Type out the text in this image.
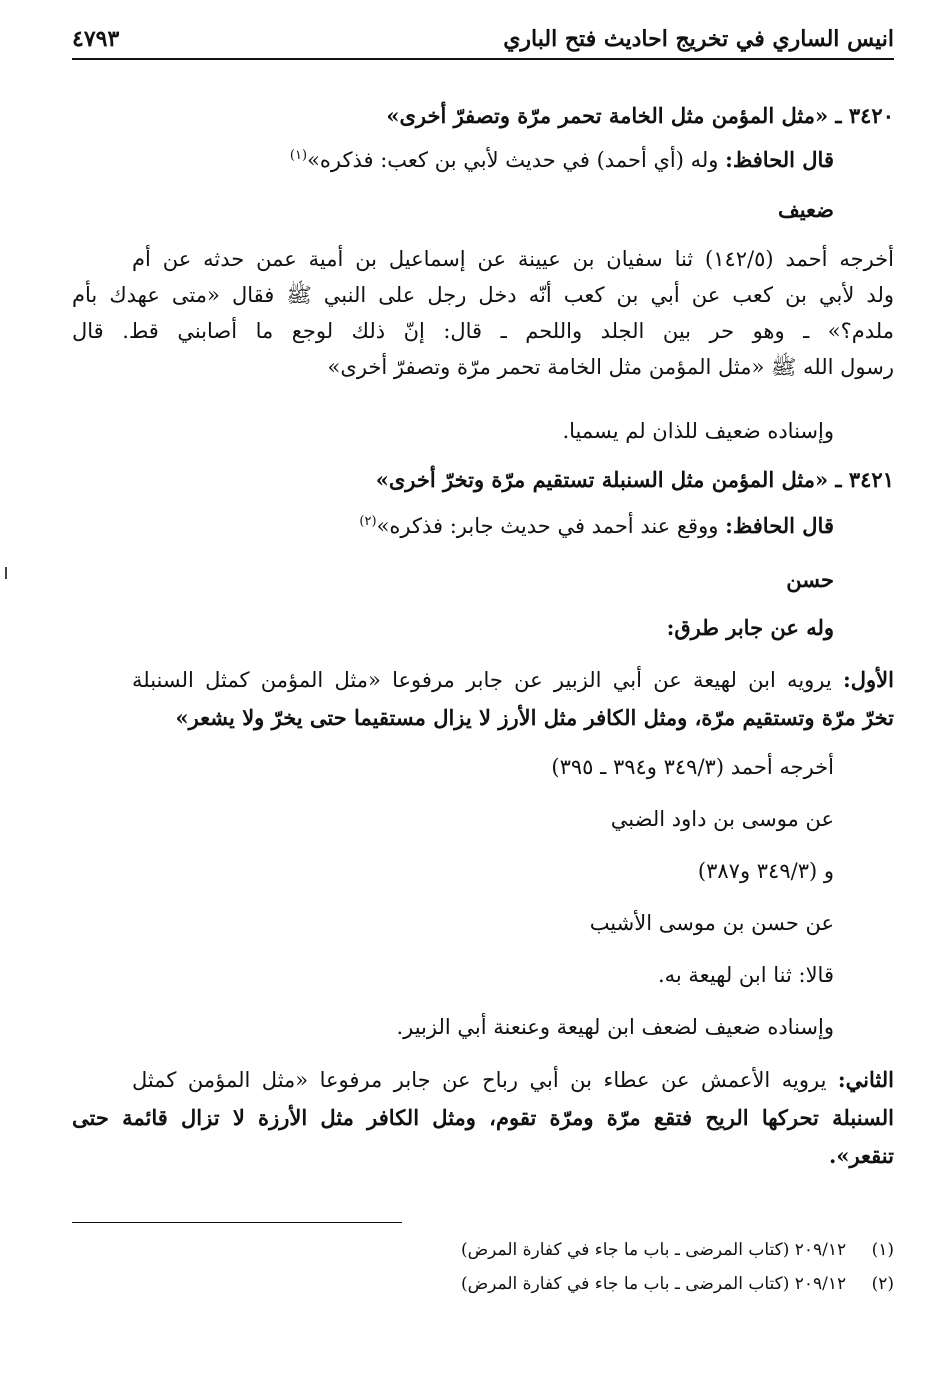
انيس الساري في تخريج احاديث فتح الباري
٤٧٩٣
٣٤٢٠ ـ «مثل المؤمن مثل الخامة تحمر مرّة وتصفرّ أخرى»
قال الحافظ: وله (أي أحمد) في حديث لأبي بن كعب: فذكره»$^{(١)}$
ضعيف
أخرجه أحمد (١٤٢/٥) ثنا سفيان بن عيينة عن إسماعيل بن أمية عمن حدثه عن أم
ولد لأبي بن كعب عن أبي بن كعب أنّه دخل رجل على النبي ﷺ فقال «متى عهدك بأم
ملدم؟» ـ وهو حر بين الجلد واللحم ـ قال: إنّ ذلك لوجع ما أصابني قط. قال
رسول الله ﷺ «مثل المؤمن مثل الخامة تحمر مرّة وتصفرّ أخرى»
وإسناده ضعيف للذان لم يسميا.
٣٤٢١ ـ «مثل المؤمن مثل السنبلة تستقيم مرّة وتخرّ أخرى»
قال الحافظ: ووقع عند أحمد في حديث جابر: فذكره»$^{(٢)}$
حسن
وله عن جابر طرق:
الأول: يرويه ابن لهيعة عن أبي الزبير عن جابر مرفوعا «مثل المؤمن كمثل السنبلة
تخرّ مرّة وتستقيم مرّة، ومثل الكافر مثل الأرز لا يزال مستقيما حتى يخرّ ولا يشعر»
أخرجه أحمد (٣٤٩/٣ و٣٩٤ ـ ٣٩٥)
عن موسى بن داود الضبي
و (٣٤٩/٣ و٣٨٧)
عن حسن بن موسى الأشيب
قالا: ثنا ابن لهيعة به.
وإسناده ضعيف لضعف ابن لهيعة وعنعنة أبي الزبير.
الثاني: يرويه الأعمش عن عطاء بن أبي رباح عن جابر مرفوعا «مثل المؤمن كمثل
السنبلة تحركها الريح فتقع مرّة ومرّة تقوم، ومثل الكافر مثل الأرزة لا تزال قائمة حتى
تنقعر».
(١) ٢٠٩/١٢ (كتاب المرضى ـ باب ما جاء في كفارة المرض)
(٢) ٢٠٩/١٢ (كتاب المرضى ـ باب ما جاء في كفارة المرض)
